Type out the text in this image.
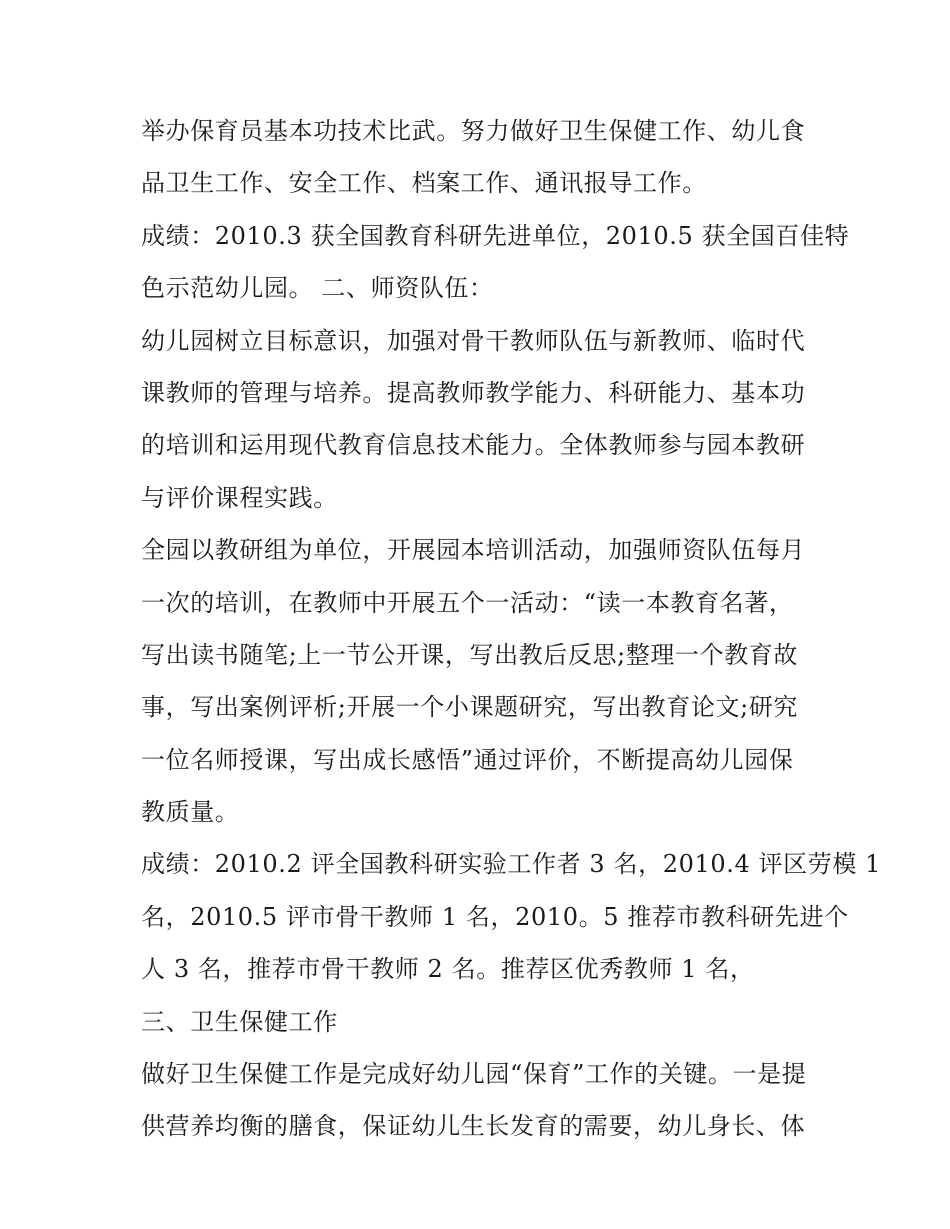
举办保育员基本功技术比武。努力做好卫生保健工作、幼儿食
品卫生工作、安全工作、档案工作、通讯报导工作。
成绩：2010.3 获全国教育科研先进单位，2010.5 获全国百佳特
色示范幼儿园。 二、师资队伍：
幼儿园树立目标意识，加强对骨干教师队伍与新教师、临时代
课教师的管理与培养。提高教师教学能力、科研能力、基本功
的培训和运用现代教育信息技术能力。全体教师参与园本教研
与评价课程实践。
全园以教研组为单位，开展园本培训活动，加强师资队伍每月
一次的培训，在教师中开展五个一活动：“读一本教育名著，
写出读书随笔;上一节公开课，写出教后反思;整理一个教育故
事，写出案例评析;开展一个小课题研究，写出教育论文;研究
一位名师授课，写出成长感悟”通过评价，不断提高幼儿园保
教质量。
成绩：2010.2 评全国教科研实验工作者 3 名，2010.4 评区劳模 1
名，2010.5 评市骨干教师 1 名，2010。5 推荐市教科研先进个
人 3 名，推荐市骨干教师 2 名。推荐区优秀教师 1 名，
三、卫生保健工作
做好卫生保健工作是完成好幼儿园“保育”工作的关键。一是提
供营养均衡的膳食，保证幼儿生长发育的需要，幼儿身长、体
